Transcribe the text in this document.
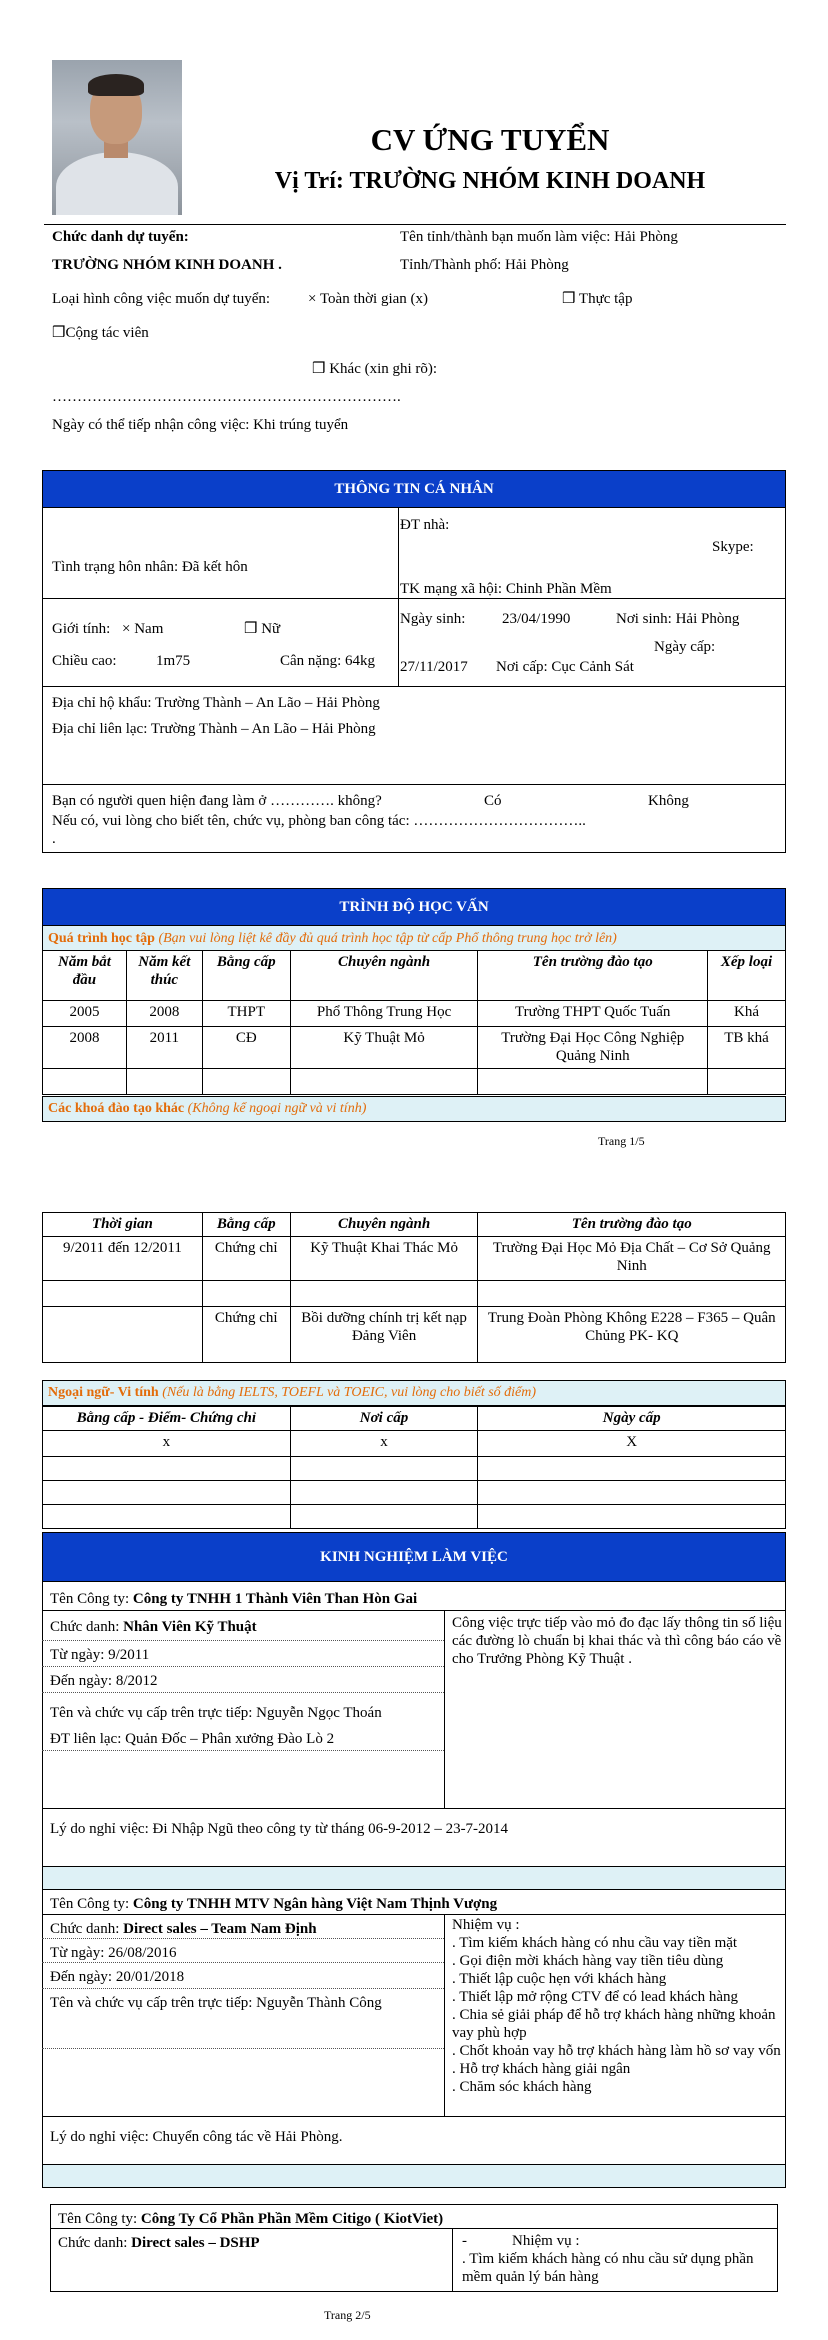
CV ỨNG TUYỂN
Vị Trí: TRƯỜNG NHÓM KINH DOANH
Chức danh dự tuyển:	Tên tỉnh/thành bạn muốn làm việc: Hải Phòng
TRƯỜNG NHÓM KINH DOANH .	Tỉnh/Thành phố: Hải Phòng
Loại hình công việc muốn dự tuyển:	× Toàn thời gian (x)	❒ Thực tập
❒Cộng tác viên
❒ Khác (xin ghi rõ):
…………………………………………………………….
Ngày có thể tiếp nhận công việc: Khi trúng tuyển
THÔNG TIN CÁ NHÂN
ĐT nhà:
Skype:
Tình trạng hôn nhân: Đã kết hôn
TK mạng xã hội: Chinh Phần Mềm
Giới tính: × Nam	❒ Nữ
Chiều cao:	1m75	Cân nặng: 64kg
Ngày sinh: 23/04/1990	Nơi sinh: Hải Phòng
Ngày cấp:
27/11/2017 Nơi cấp: Cục Cảnh Sát
Địa chỉ hộ khẩu: Trường Thành – An Lão – Hải Phòng
Địa chỉ liên lạc: Trường Thành – An Lão – Hải Phòng
Bạn có người quen hiện đang làm ở …………. không?	Có	Không
Nếu có, vui lòng cho biết tên, chức vụ, phòng ban công tác: ……………………………..
.
TRÌNH ĐỘ HỌC VẤN
Quá trình học tập (Bạn vui lòng liệt kê đầy đủ quá trình học tập từ cấp Phổ thông trung học trở lên)
Năm bắt đầu	Năm kết thúc	Bằng cấp	Chuyên ngành	Tên trường đào tạo	Xếp loại
2005	2008	THPT	Phổ Thông Trung Học	Trường THPT Quốc Tuấn	Khá
2008	2011	CĐ	Kỹ Thuật Mỏ	Trường Đại Học Công Nghiệp Quảng Ninh	TB khá

Các khoá đào tạo khác (Không kể ngoại ngữ và vi tính)
Trang 1/5
Thời gian	Bằng cấp	Chuyên ngành	Tên trường đào tạo
9/2011 đến 12/2011	Chứng chỉ	Kỹ Thuật Khai Thác Mỏ	Trường Đại Học Mỏ Địa Chất – Cơ Sở Quảng Ninh

	Chứng chỉ	Bồi dưỡng chính trị kết nạp Đảng Viên	Trung Đoàn Phòng Không E228 – F365 – Quân Chủng PK- KQ
Ngoại ngữ- Vi tính (Nếu là bằng IELTS, TOEFL và TOEIC, vui lòng cho biết số điểm)
Bằng cấp - Điểm- Chứng chỉ	Nơi cấp	Ngày cấp
x	x	X

KINH NGHIỆM LÀM VIỆC
Tên Công ty: Công ty TNHH 1 Thành Viên Than Hòn Gai
Chức danh: Nhân Viên Kỹ Thuật
Từ ngày: 9/2011
Đến ngày: 8/2012
Tên và chức vụ cấp trên trực tiếp: Nguyễn Ngọc Thoán
ĐT liên lạc: Quản Đốc – Phân xưởng Đào Lò 2
Công việc trực tiếp vào mỏ đo đạc lấy thông tin số liệu các đường lò chuẩn bị khai thác và thì công báo cáo về cho Trưởng Phòng Kỹ Thuật .
Lý do nghỉ việc: Đi Nhập Ngũ theo công ty từ tháng 06-9-2012 – 23-7-2014
Tên Công ty: Công ty TNHH MTV Ngân hàng Việt Nam Thịnh Vượng
Chức danh: Direct sales – Team Nam Định
Từ ngày: 26/08/2016
Đến ngày: 20/01/2018
Tên và chức vụ cấp trên trực tiếp: Nguyễn Thành Công
Nhiệm vụ :
. Tìm kiếm khách hàng có nhu cầu vay tiền mặt
. Gọi điện mời khách hàng vay tiền tiêu dùng
. Thiết lập cuộc hẹn với khách hàng
. Thiết lập mở rộng CTV để có lead khách hàng
. Chia sẻ giải pháp để hỗ trợ khách hàng những khoản vay phù hợp
. Chốt khoản vay hỗ trợ khách hàng làm hồ sơ vay vốn
. Hỗ trợ khách hàng giải ngân
. Chăm sóc khách hàng
Lý do nghỉ việc: Chuyển công tác về Hải Phòng.
Tên Công ty: Công Ty Cổ Phần Phần Mềm Citigo ( KiotViet)
Chức danh: Direct sales – DSHP	-	Nhiệm vụ :
. Tìm kiếm khách hàng có nhu cầu sử dụng phần mềm quản lý bán hàng
Trang 2/5
